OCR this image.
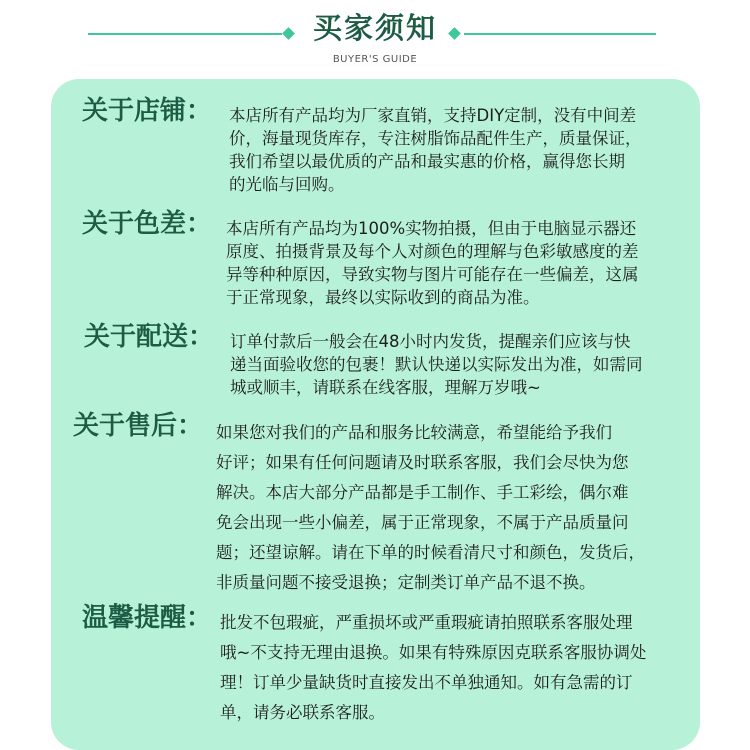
买家须知
BUYER'S GUIDE
关于店铺： 本店所有产品均为厂家直销，支持DIY定制，没有中间差
价，海量现货库存，专注树脂饰品配件生产，质量保证，
我们希望以最优质的产品和最实惠的价格，赢得您长期
的光临与回购。
关于色差： 本店所有产品均为100%实物拍摄，但由于电脑显示器还
原度、拍摄背景及每个人对颜色的理解与色彩敏感度的差
异等种种原因，导致实物与图片可能存在一些偏差，这属
于正常现象，最终以实际收到的商品为准。
关于配送： 订单付款后一般会在48小时内发货，提醒亲们应该与快
递当面验收您的包裹！默认快递以实际发出为准，如需同
城或顺丰，请联系在线客服，理解万岁哦~
关于售后： 如果您对我们的产品和服务比较满意，希望能给予我们
好评；如果有任何问题请及时联系客服，我们会尽快为您
解决。本店大部分产品都是手工制作、手工彩绘，偶尔难
免会出现一些小偏差，属于正常现象，不属于产品质量问
题；还望谅解。请在下单的时候看清尺寸和颜色，发货后，
非质量问题不接受退换；定制类订单产品不退不换。
温馨提醒： 批发不包瑕疵，严重损坏或严重瑕疵请拍照联系客服处理
哦~不支持无理由退换。如果有特殊原因克联系客服协调处
理！订单少量缺货时直接发出不单独通知。如有急需的订
单，请务必联系客服。
